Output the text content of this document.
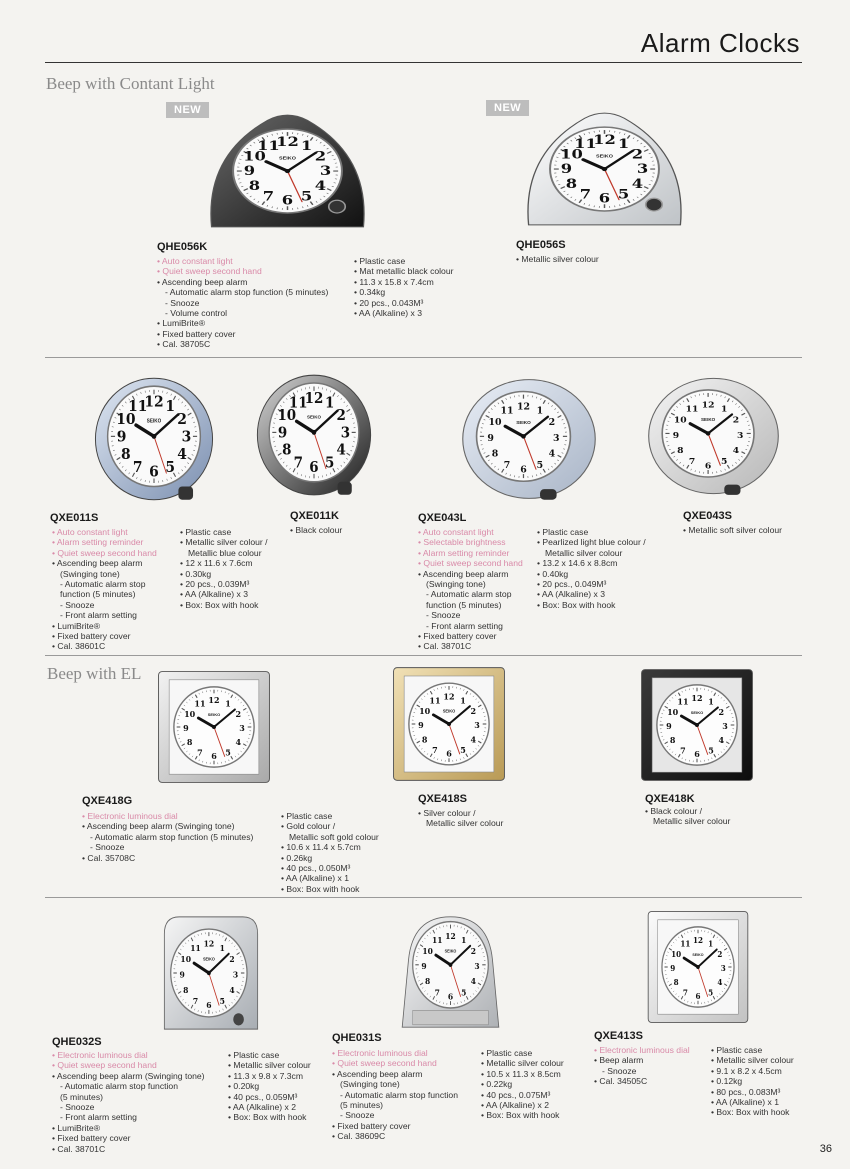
Alarm Clocks
Beep with Contant Light
NEW	NEW
12 1
2
3
4
5
6
7
8
9
10
11
SEIKO
12 1
2
3
4
5
6
7
8
9
10
11
SEIKO
QHE056K
• Auto constant light
• Quiet sweep second hand
• Ascending beep alarm
- Automatic alarm stop function (5 minutes)
- Snooze
- Volume control
• LumiBrite®
• Fixed battery cover
• Cal. 38705C
• Plastic case
• Mat metallic black colour
• 11.3 x 15.8 x 7.4cm
• 0.34kg
• 20 pcs., 0.043M³
• AA (Alkaline) x 3
QHE056S
• Metallic silver colour
12 1
2
3
4
5
6
7
8
9
10
11
SEIKO
12 1
2
3
4
5
6
7
8
9
10
11
SEIKO
12 1
2
3
4
5
6
7
8
9
10
11
SEIKO
12 1
2
3
4
5
6
7
8
9
10
11
SEIKO
QXE011S
• Auto constant light
• Alarm setting reminder
• Quiet sweep second hand
• Ascending beep alarm
(Swinging tone)
- Automatic alarm stop
function (5 minutes)
- Snooze
- Front alarm setting
• LumiBrite®
• Fixed battery cover
• Cal. 38601C
• Plastic case
• Metallic silver colour /
Metallic blue colour
• 12 x 11.6 x 7.6cm
• 0.30kg
• 20 pcs., 0.039M³
• AA (Alkaline) x 3
• Box: Box with hook
QXE011K
• Black colour
QXE043L
• Auto constant light
• Selectable brightness
• Alarm setting reminder
• Quiet sweep second hand
• Ascending beep alarm
(Swinging tone)
- Automatic alarm stop
function (5 minutes)
- Snooze
- Front alarm setting
• Fixed battery cover
• Cal. 38701C
• Plastic case
• Pearlized light blue colour /
Metallic silver colour
• 13.2 x 14.6 x 8.8cm
• 0.40kg
• 20 pcs., 0.049M³
• AA (Alkaline) x 3
• Box: Box with hook
QXE043S
• Metallic soft silver colour
Beep with EL
12 1
2
3
4
5
6
7
8
9
10
11
SEIKO
12 1
2
3
4
5
6
7
8
9
10
11
SEIKO
12 1
2
3
4
5
6
7
8
9
10
11
SEIKO
QXE418G
• Electronic luminous dial
• Ascending beep alarm (Swinging tone)
- Automatic alarm stop function (5 minutes)
- Snooze
• Cal. 35708C
• Plastic case
• Gold colour /
Metallic soft gold colour
• 10.6 x 11.4 x 5.7cm
• 0.26kg
• 40 pcs., 0.050M³
• AA (Alkaline) x 1
• Box: Box with hook
QXE418S
• Silver colour /
Metallic silver colour
QXE418K
• Black colour /
Metallic silver colour
12 1
2
3
4
5
6
7
8
9
10
11
SEIKO
12 1
2
3
4
5
6
7
8
9
10
11
SEIKO
12 1
2
3
4
5
6
7
8
9
10
11
SEIKO
QHE032S
• Electronic luminous dial
• Quiet sweep second hand
• Ascending beep alarm (Swinging tone)
- Automatic alarm stop function
(5 minutes)
- Snooze
- Front alarm setting
• LumiBrite®
• Fixed battery cover
• Cal. 38701C
• Plastic case
• Metallic silver colour
• 11.3 x 9.8 x 7.3cm
• 0.20kg
• 40 pcs., 0.059M³
• AA (Alkaline) x 2
• Box: Box with hook
QHE031S
• Electronic luminous dial
• Quiet sweep second hand
• Ascending beep alarm
(Swinging tone)
- Automatic alarm stop function
(5 minutes)
- Snooze
• Fixed battery cover
• Cal. 38609C
• Plastic case
• Metallic silver colour
• 10.5 x 11.3 x 8.5cm
• 0.22kg
• 40 pcs., 0.075M³
• AA (Alkaline) x 2
• Box: Box with hook
QXE413S
• Electronic luminous dial
• Beep alarm
- Snooze
• Cal. 34505C
• Plastic case
• Metallic silver colour
• 9.1 x 8.2 x 4.5cm
• 0.12kg
• 80 pcs., 0.083M³
• AA (Alkaline) x 1
• Box: Box with hook
36
